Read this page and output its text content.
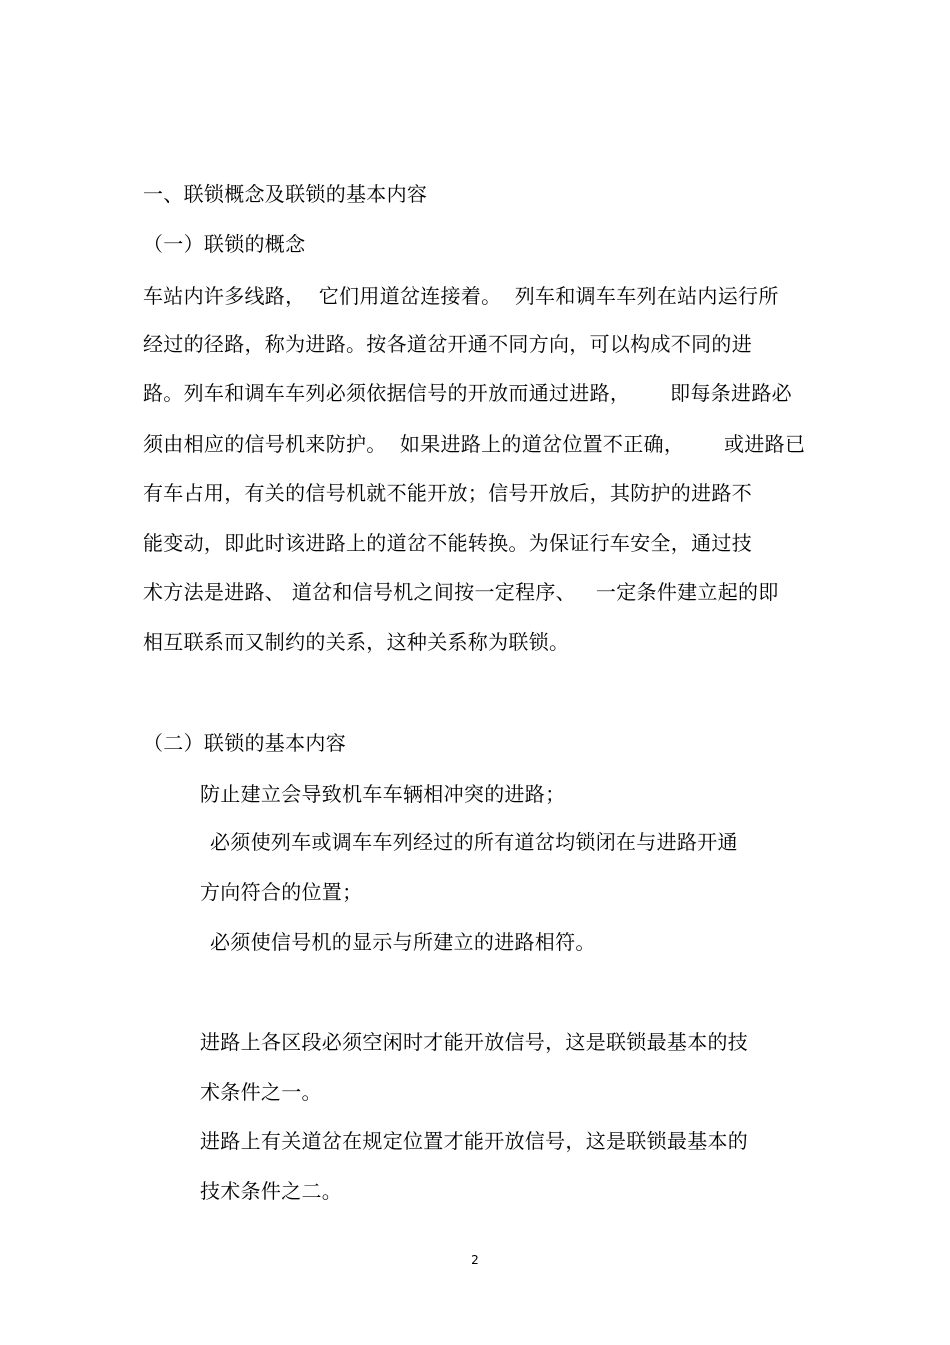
一、联锁概念及联锁的基本内容
（一）联锁的概念
车站内许多线路，  它们用道岔连接着。  列车和调车车列在站内运行所
经过的径路，称为进路。按各道岔开通不同方向，可以构成不同的进
路。列车和调车车列必须依据信号的开放而通过进路，      即每条进路必
须由相应的信号机来防护。  如果进路上的道岔位置不正确，      或进路已
有车占用，有关的信号机就不能开放；信号开放后，其防护的进路不
能变动，即此时该进路上的道岔不能转换。为保证行车安全，通过技
术方法是进路、 道岔和信号机之间按一定程序、   一定条件建立起的即
相互联系而又制约的关系，这种关系称为联锁。
（二）联锁的基本内容
防止建立会导致机车车辆相冲突的进路；
必须使列车或调车车列经过的所有道岔均锁闭在与进路开通
方向符合的位置；
必须使信号机的显示与所建立的进路相符。
进路上各区段必须空闲时才能开放信号，这是联锁最基本的技
术条件之一。
进路上有关道岔在规定位置才能开放信号，这是联锁最基本的
技术条件之二。
2
